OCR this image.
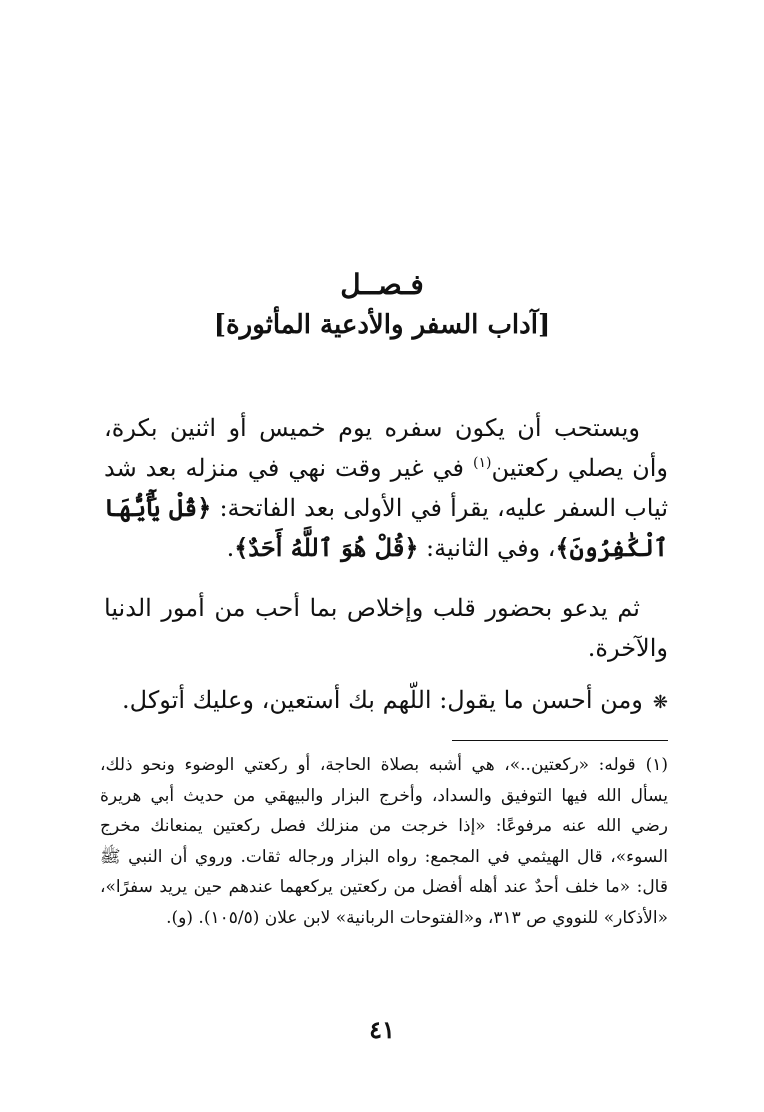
فـصــل
[آداب السفر والأدعية المأثورة]
ويستحب أن يكون سفره يوم خميس أو اثنين بكرة، وأن يصلي ركعتين$^{(١)}$ في غير وقت نهي في منزله بعد شد ثياب السفر عليه، يقرأ في الأولى بعد الفاتحة: ﴿قُلْ يَٰٓأَيُّهَا ٱلْكَٰفِرُونَ﴾، وفي الثانية: ﴿قُلْ هُوَ ٱللَّهُ أَحَدٌ﴾.
ثم يدعو بحضور قلب وإخلاص بما أحب من أمور الدنيا والآخرة.
❋ومن أحسن ما يقول: اللّهم بك أستعين، وعليك أتوكل.
(١)قوله: «ركعتين..»، هي أشبه بصلاة الحاجة، أو ركعتي الوضوء ونحو ذلك، يسأل الله فيها التوفيق والسداد، وأخرج البزار والبيهقي من حديث أبي هريرة رضي الله عنه مرفوعًا: «إذا خرجت من منزلك فصل ركعتين يمنعانك مخرج السوء»، قال الهيثمي في المجمع: رواه البزار ورجاله ثقات. وروي أن النبي ﷺ قال: «ما خلف أحدٌ عند أهله أفضل من ركعتين يركعهما عندهم حين يريد سفرًا»، «الأذكار» للنووي ص ٣١٣، و«الفتوحات الربانية» لابن علان (١٠٥/٥). (و).
٤١
